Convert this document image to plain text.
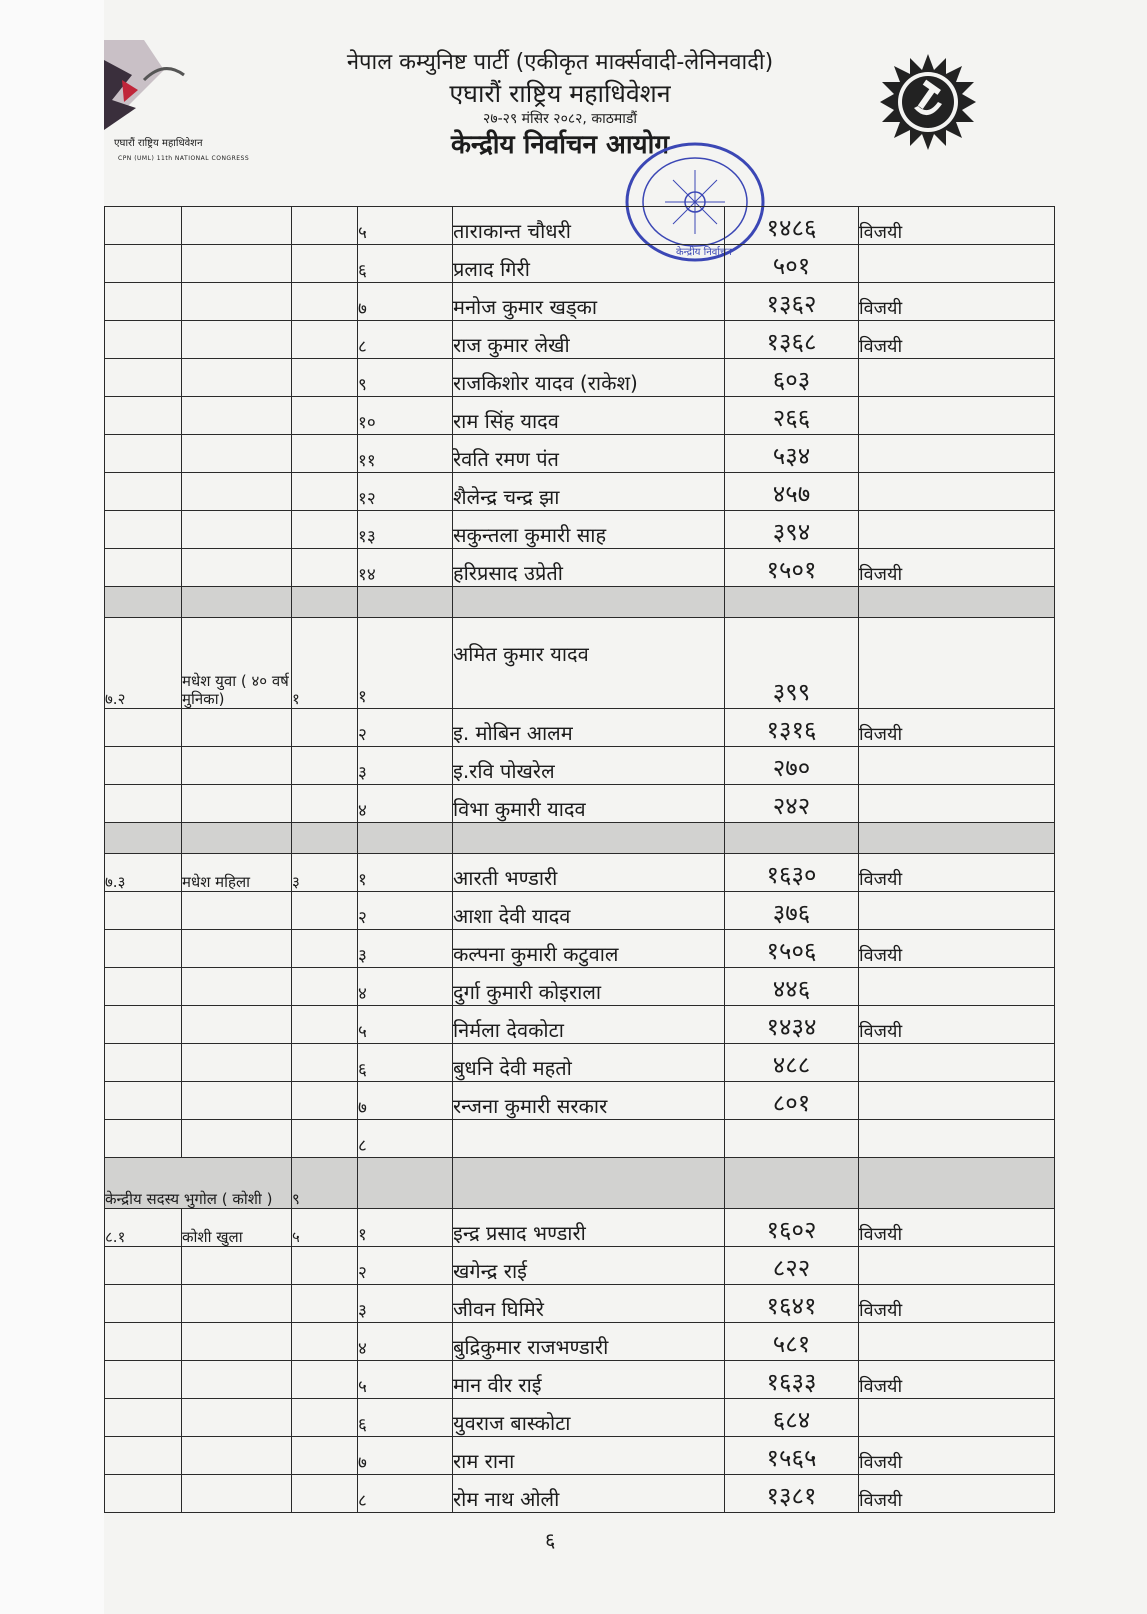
एघारौं राष्ट्रिय महाधिवेशन
CPN (UML) 11th NATIONAL CONGRESS
नेपाल कम्युनिष्ट पार्टी (एकीकृत मार्क्सवादी-लेनिनवादी)
एघारौं राष्ट्रिय महाधिवेशन
२७-२९ मंसिर २०८२, काठमाडौं
केन्द्रीय निर्वाचन आयोग
केन्द्रीय निर्वाचन
			५	ताराकान्त चौधरी	१४८६	विजयी
			६	प्रलाद गिरी	५०१	
			७	मनोज कुमार खड्का	१३६२	विजयी
			८	राज कुमार लेखी	१३६८	विजयी
			९	राजकिशोर यादव (राकेश)	६०३	
			१०	राम सिंह यादव	२६६	
			११	रेवति रमण पंत	५३४	
			१२	शैलेन्द्र चन्द्र झा	४५७	
			१३	सकुन्तला कुमारी साह	३९४	
			१४	हरिप्रसाद उप्रेती	१५०१	विजयी

७.२	मधेश युवा ( ४० वर्ष मुनिका)	१	१	अमित कुमार यादव	३९९	
			२	इ. मोबिन आलम	१३१६	विजयी
			३	इ.रवि पोखरेल	२७०	
			४	विभा कुमारी यादव	२४२	

७.३	मधेश महिला	३	१	आरती भण्डारी	१६३०	विजयी
			२	आशा देवी यादव	३७६	
			३	कल्पना कुमारी कटुवाल	१५०६	विजयी
			४	दुर्गा कुमारी कोइराला	४४६	
			५	निर्मला देवकोटा	१४३४	विजयी
			६	बुधनि देवी महतो	४८८	
			७	रन्जना कुमारी सरकार	८०१	
			८			
केन्द्रीय सदस्य भुगोल ( कोशी )		९				
८.१	कोशी खुला	५	१	इन्द्र प्रसाद भण्डारी	१६०२	विजयी
			२	खगेन्द्र राई	८२२	
			३	जीवन घिमिरे	१६४१	विजयी
			४	बुद्रिकुमार राजभण्डारी	५८१	
			५	मान वीर राई	१६३३	विजयी
			६	युवराज बास्कोटा	६८४	
			७	राम राना	१५६५	विजयी
			८	रोम नाथ ओली	१३८१	विजयी
६
